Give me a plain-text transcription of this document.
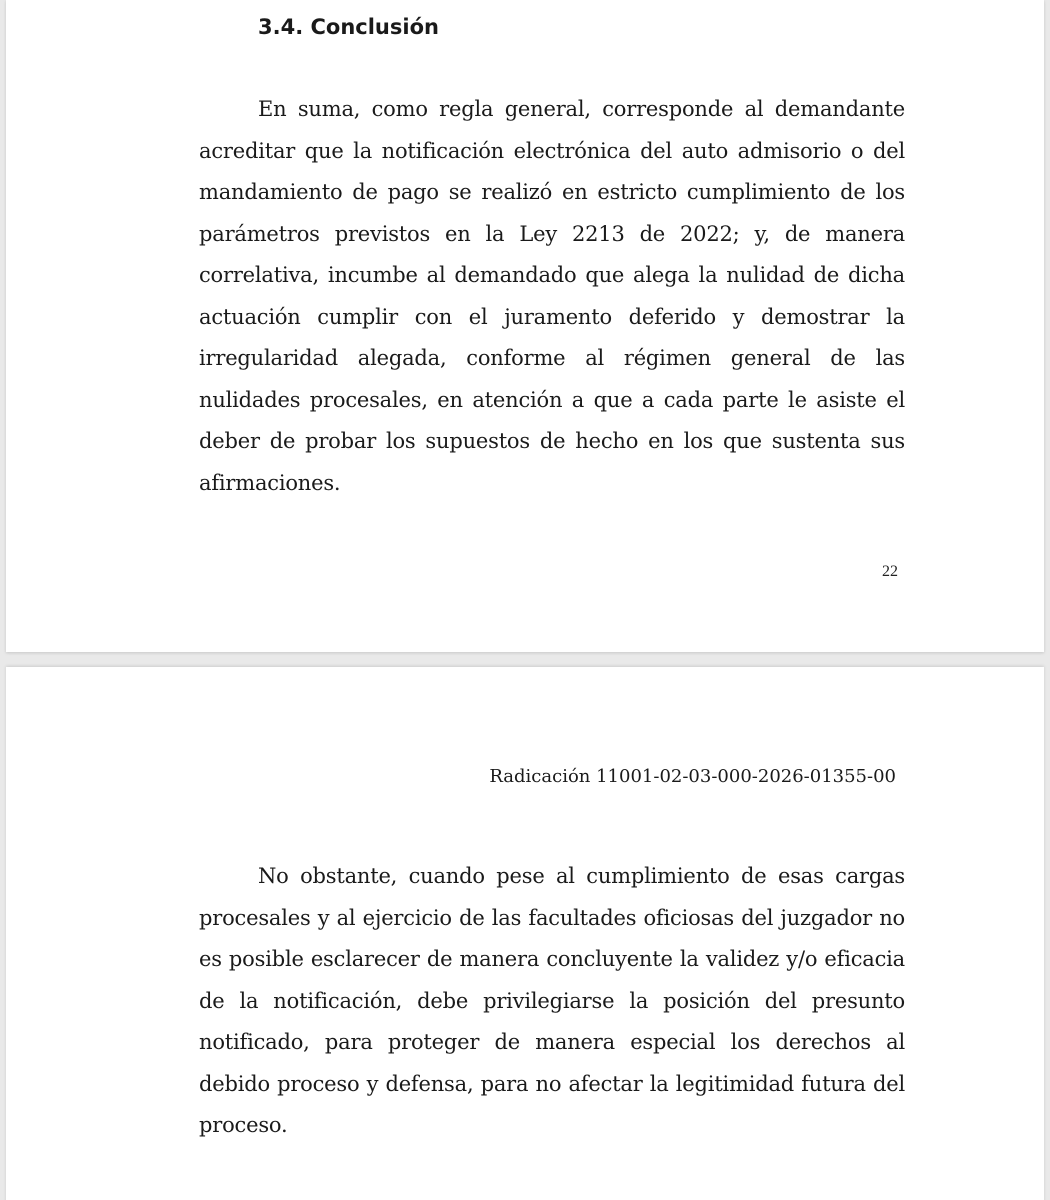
3.4. Conclusión

En suma, como regla general, corresponde al demandante acreditar que la notificación electrónica del auto admisorio o del mandamiento de pago se realizó en estricto cumplimiento de los parámetros previstos en la Ley 2213 de 2022; y, de manera correlativa, incumbe al demandado que alega la nulidad de dicha actuación cumplir con el juramento deferido y demostrar la irregularidad alegada, conforme al régimen general de las nulidades procesales, en atención a que a cada parte le asiste el deber de probar los supuestos de hecho en los que sustenta sus afirmaciones.

22
Radicación 11001-02-03-000-2026-01355-00

No obstante, cuando pese al cumplimiento de esas cargas procesales y al ejercicio de las facultades oficiosas del juzgador no es posible esclarecer de manera concluyente la validez y/o eficacia de la notificación, debe privilegiarse la posición del presunto notificado, para proteger de manera especial los derechos al debido proceso y defensa, para no afectar la legitimidad futura del proceso.
